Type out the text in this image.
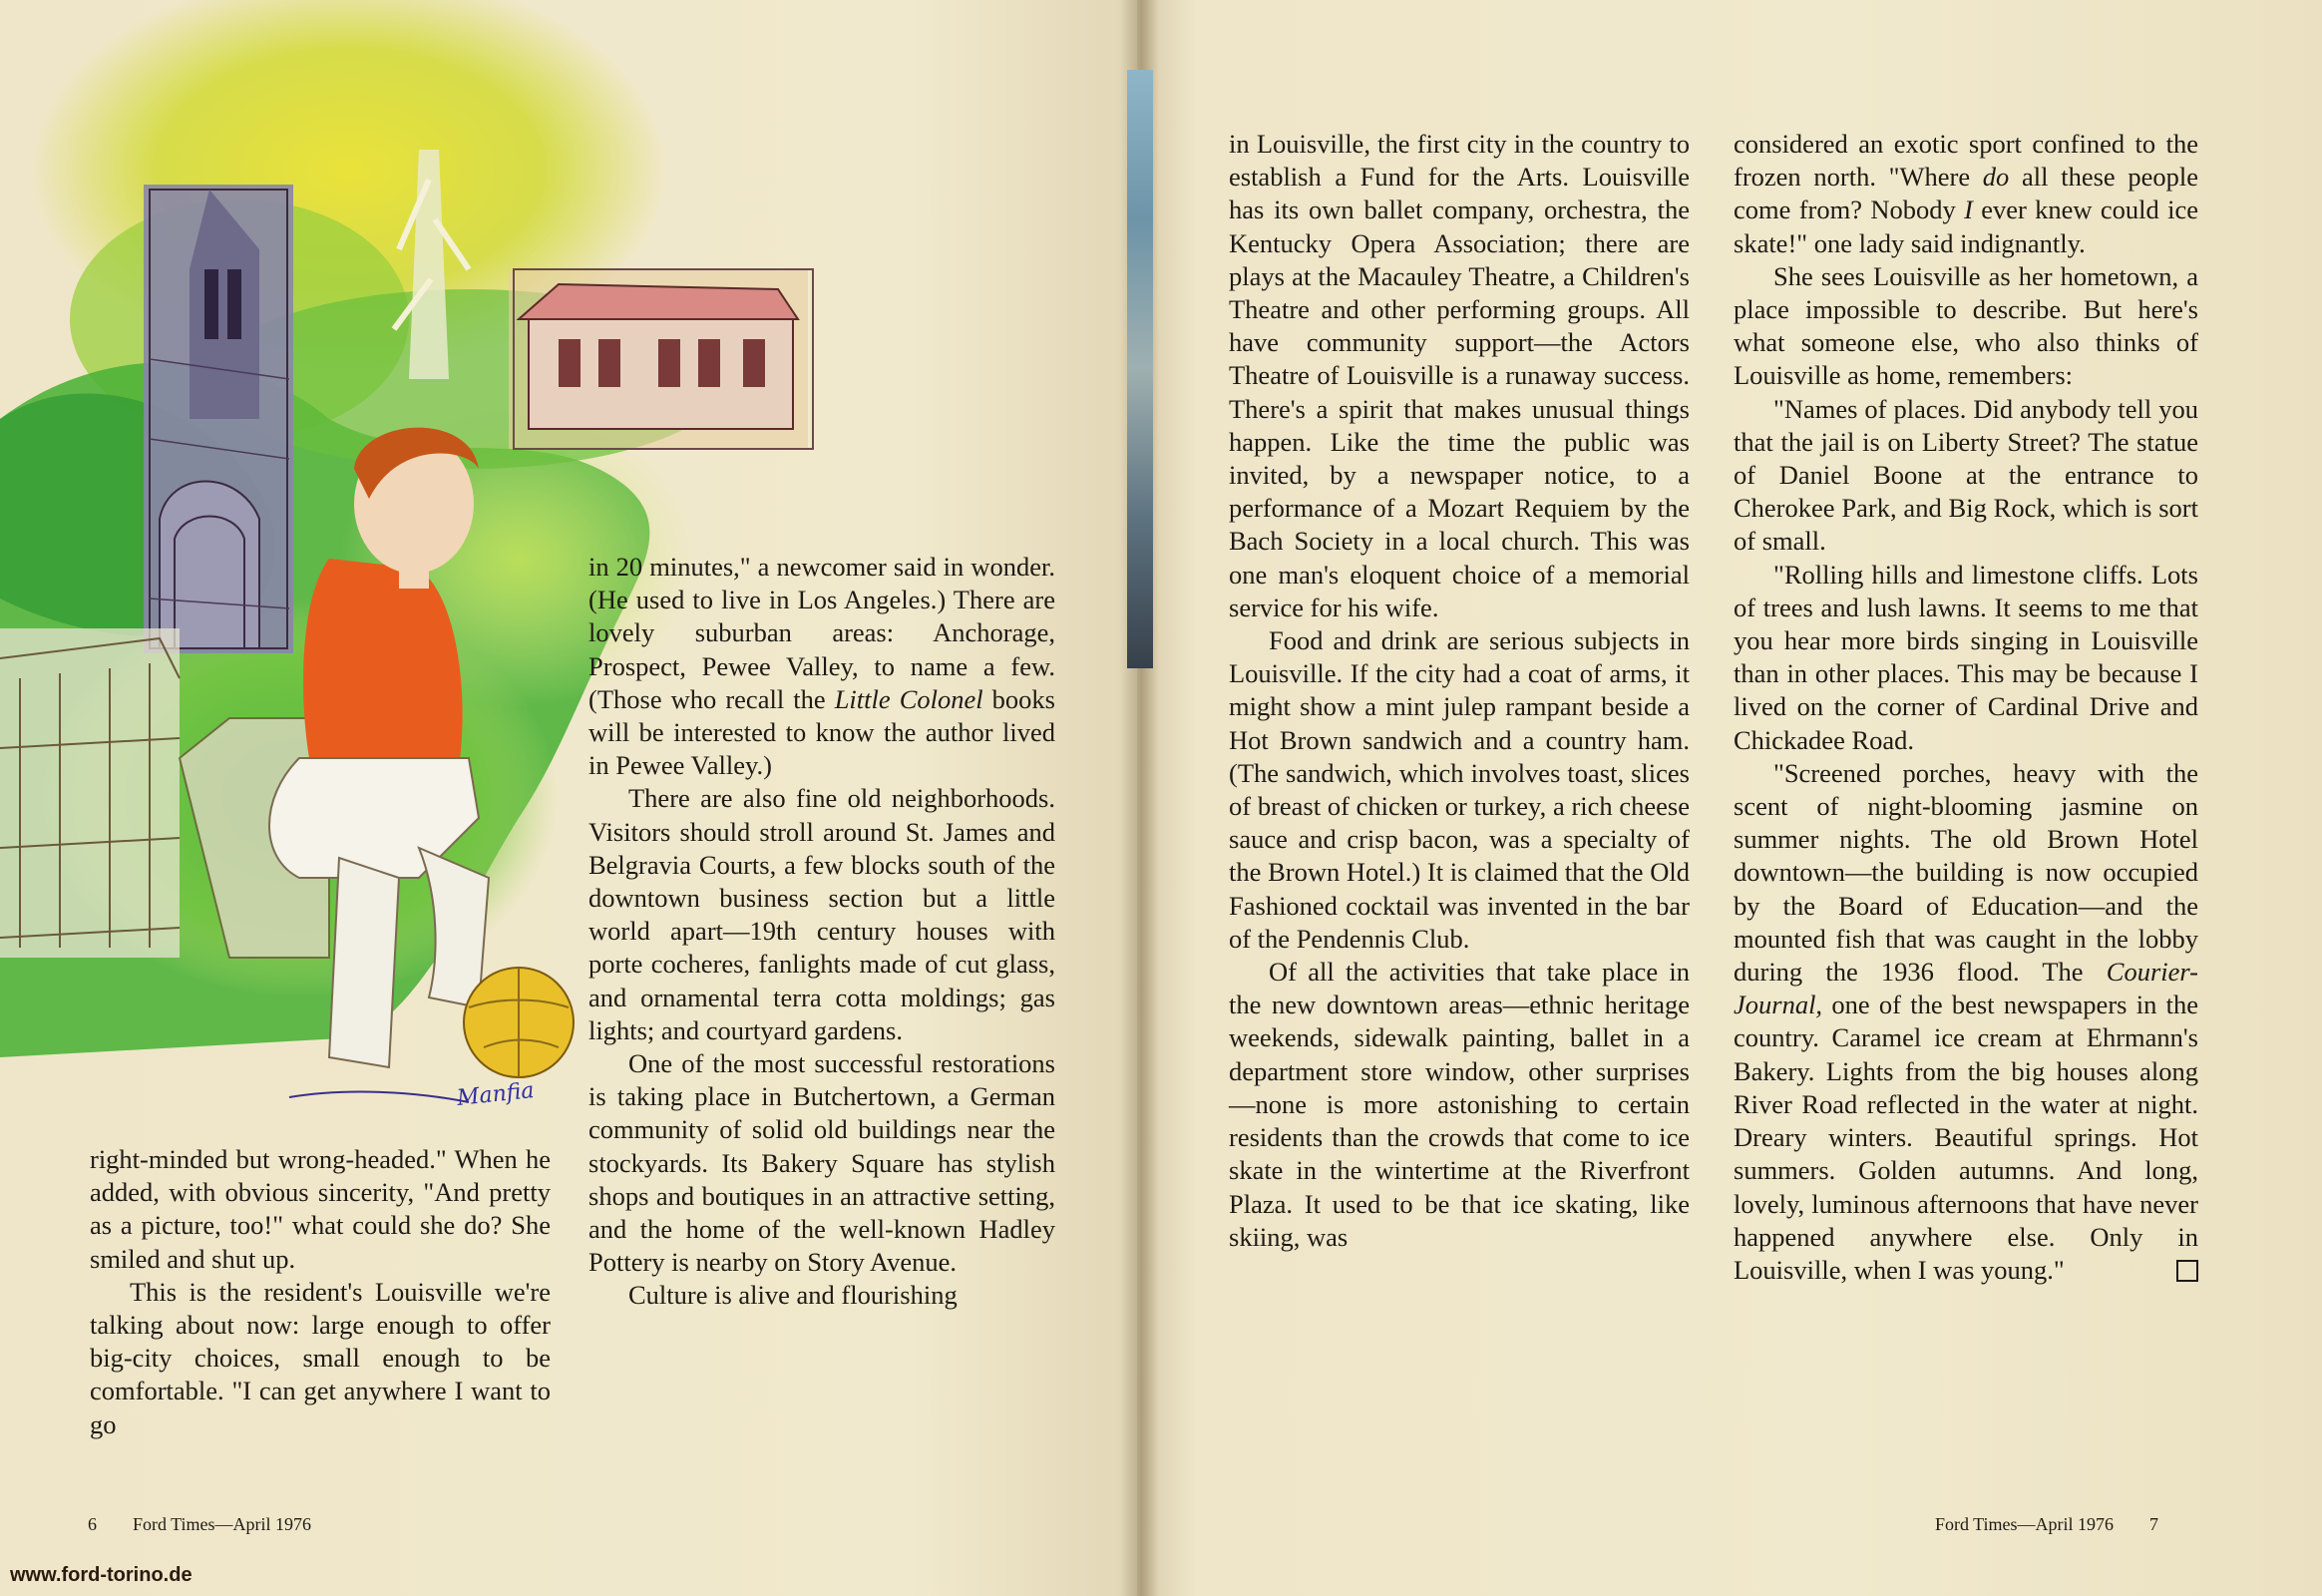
Manfia

right-minded but wrong-headed." When he added, with obvious sincerity, "And pretty as a picture, too!" what could she do? She smiled and shut up.

This is the resident's Louisville we're talking about now: large enough to offer big-city choices, small enough to be comfortable. "I can get anywhere I want to go

in 20 minutes," a newcomer said in wonder. (He used to live in Los Angeles.) There are lovely suburban areas: Anchorage, Prospect, Pewee Valley, to name a few. (Those who recall the Little Colonel books will be interested to know the author lived in Pewee Valley.)

There are also fine old neighborhoods. Visitors should stroll around St. James and Belgravia Courts, a few blocks south of the downtown business section but a little world apart—19th century houses with porte cocheres, fanlights made of cut glass, and ornamental terra cotta moldings; gas lights; and courtyard gardens.

One of the most successful restorations is taking place in Butchertown, a German community of solid old buildings near the stockyards. Its Bakery Square has stylish shops and boutiques in an attractive setting, and the home of the well-known Hadley Pottery is nearby on Story Avenue.

Culture is alive and flourishing

in Louisville, the first city in the country to establish a Fund for the Arts. Louisville has its own ballet company, orchestra, the Kentucky Opera Association; there are plays at the Macauley Theatre, a Children's Theatre and other performing groups. All have community support—the Actors Theatre of Louisville is a runaway success. There's a spirit that makes unusual things happen. Like the time the public was invited, by a newspaper notice, to a performance of a Mozart Requiem by the Bach Society in a local church. This was one man's eloquent choice of a memorial service for his wife.

Food and drink are serious subjects in Louisville. If the city had a coat of arms, it might show a mint julep rampant beside a Hot Brown sandwich and a country ham. (The sandwich, which involves toast, slices of breast of chicken or turkey, a rich cheese sauce and crisp bacon, was a specialty of the Brown Hotel.) It is claimed that the Old Fashioned cocktail was invented in the bar of the Pendennis Club.

Of all the activities that take place in the new downtown areas—ethnic heritage weekends, sidewalk painting, ballet in a department store window, other surprises—none is more astonishing to certain residents than the crowds that come to ice skate in the wintertime at the Riverfront Plaza. It used to be that ice skating, like skiing, was

considered an exotic sport confined to the frozen north. "Where do all these people come from? Nobody I ever knew could ice skate!" one lady said indignantly.

She sees Louisville as her hometown, a place impossible to describe. But here's what someone else, who also thinks of Louisville as home, remembers:

"Names of places. Did anybody tell you that the jail is on Liberty Street? The statue of Daniel Boone at the entrance to Cherokee Park, and Big Rock, which is sort of small.

"Rolling hills and limestone cliffs. Lots of trees and lush lawns. It seems to me that you hear more birds singing in Louisville than in other places. This may be because I lived on the corner of Cardinal Drive and Chickadee Road.

"Screened porches, heavy with the scent of night-blooming jasmine on summer nights. The old Brown Hotel downtown—the building is now occupied by the Board of Education—and the mounted fish that was caught in the lobby during the 1936 flood. The Courier-Journal, one of the best newspapers in the country. Caramel ice cream at Ehrmann's Bakery. Lights from the big houses along River Road reflected in the water at night. Dreary winters. Beautiful springs. Hot summers. Golden autumns. And long, lovely, luminous afternoons that have never happened anywhere else. Only in Louisville, when I was young."

6 Ford Times—April 1976	Ford Times—April 1976 7
www.ford-torino.de
